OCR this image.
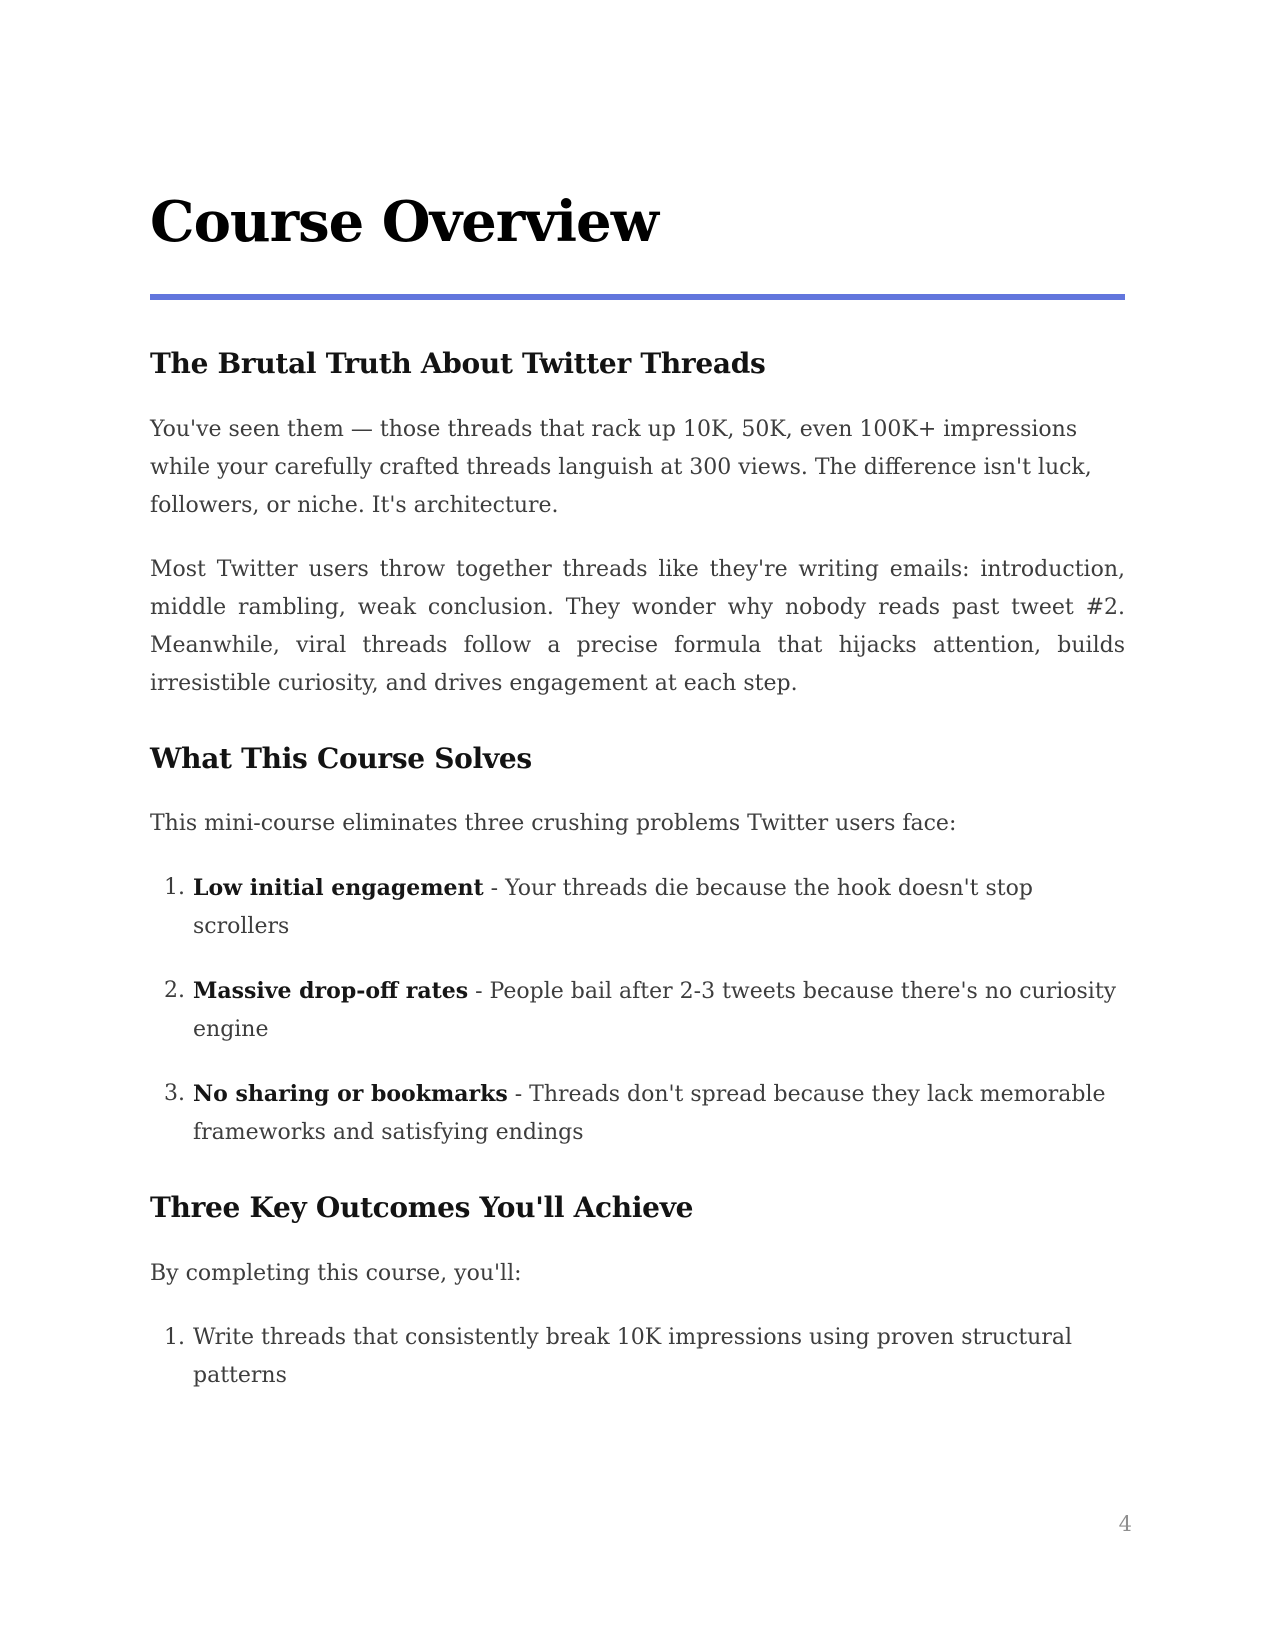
Course Overview
The Brutal Truth About Twitter Threads

You've seen them — those threads that rack up 10K, 50K, even 100K+ impressions while your carefully crafted threads languish at 300 views. The difference isn't luck, followers, or niche. It's architecture.

Most Twitter users throw together threads like they're writing emails: introduction, middle rambling, weak conclusion. They wonder why nobody reads past tweet #2. Meanwhile, viral threads follow a precise formula that hijacks attention, builds irresistible curiosity, and drives engagement at each step.

What This Course Solves

This mini-course eliminates three crushing problems Twitter users face:

1. Low initial engagement - Your threads die because the hook doesn't stop scrollers
2. Massive drop-off rates - People bail after 2-3 tweets because there's no curiosity engine
3. No sharing or bookmarks - Threads don't spread because they lack memorable frameworks and satisfying endings
Three Key Outcomes You'll Achieve

By completing this course, you'll:

1. Write threads that consistently break 10K impressions using proven structural patterns
4
